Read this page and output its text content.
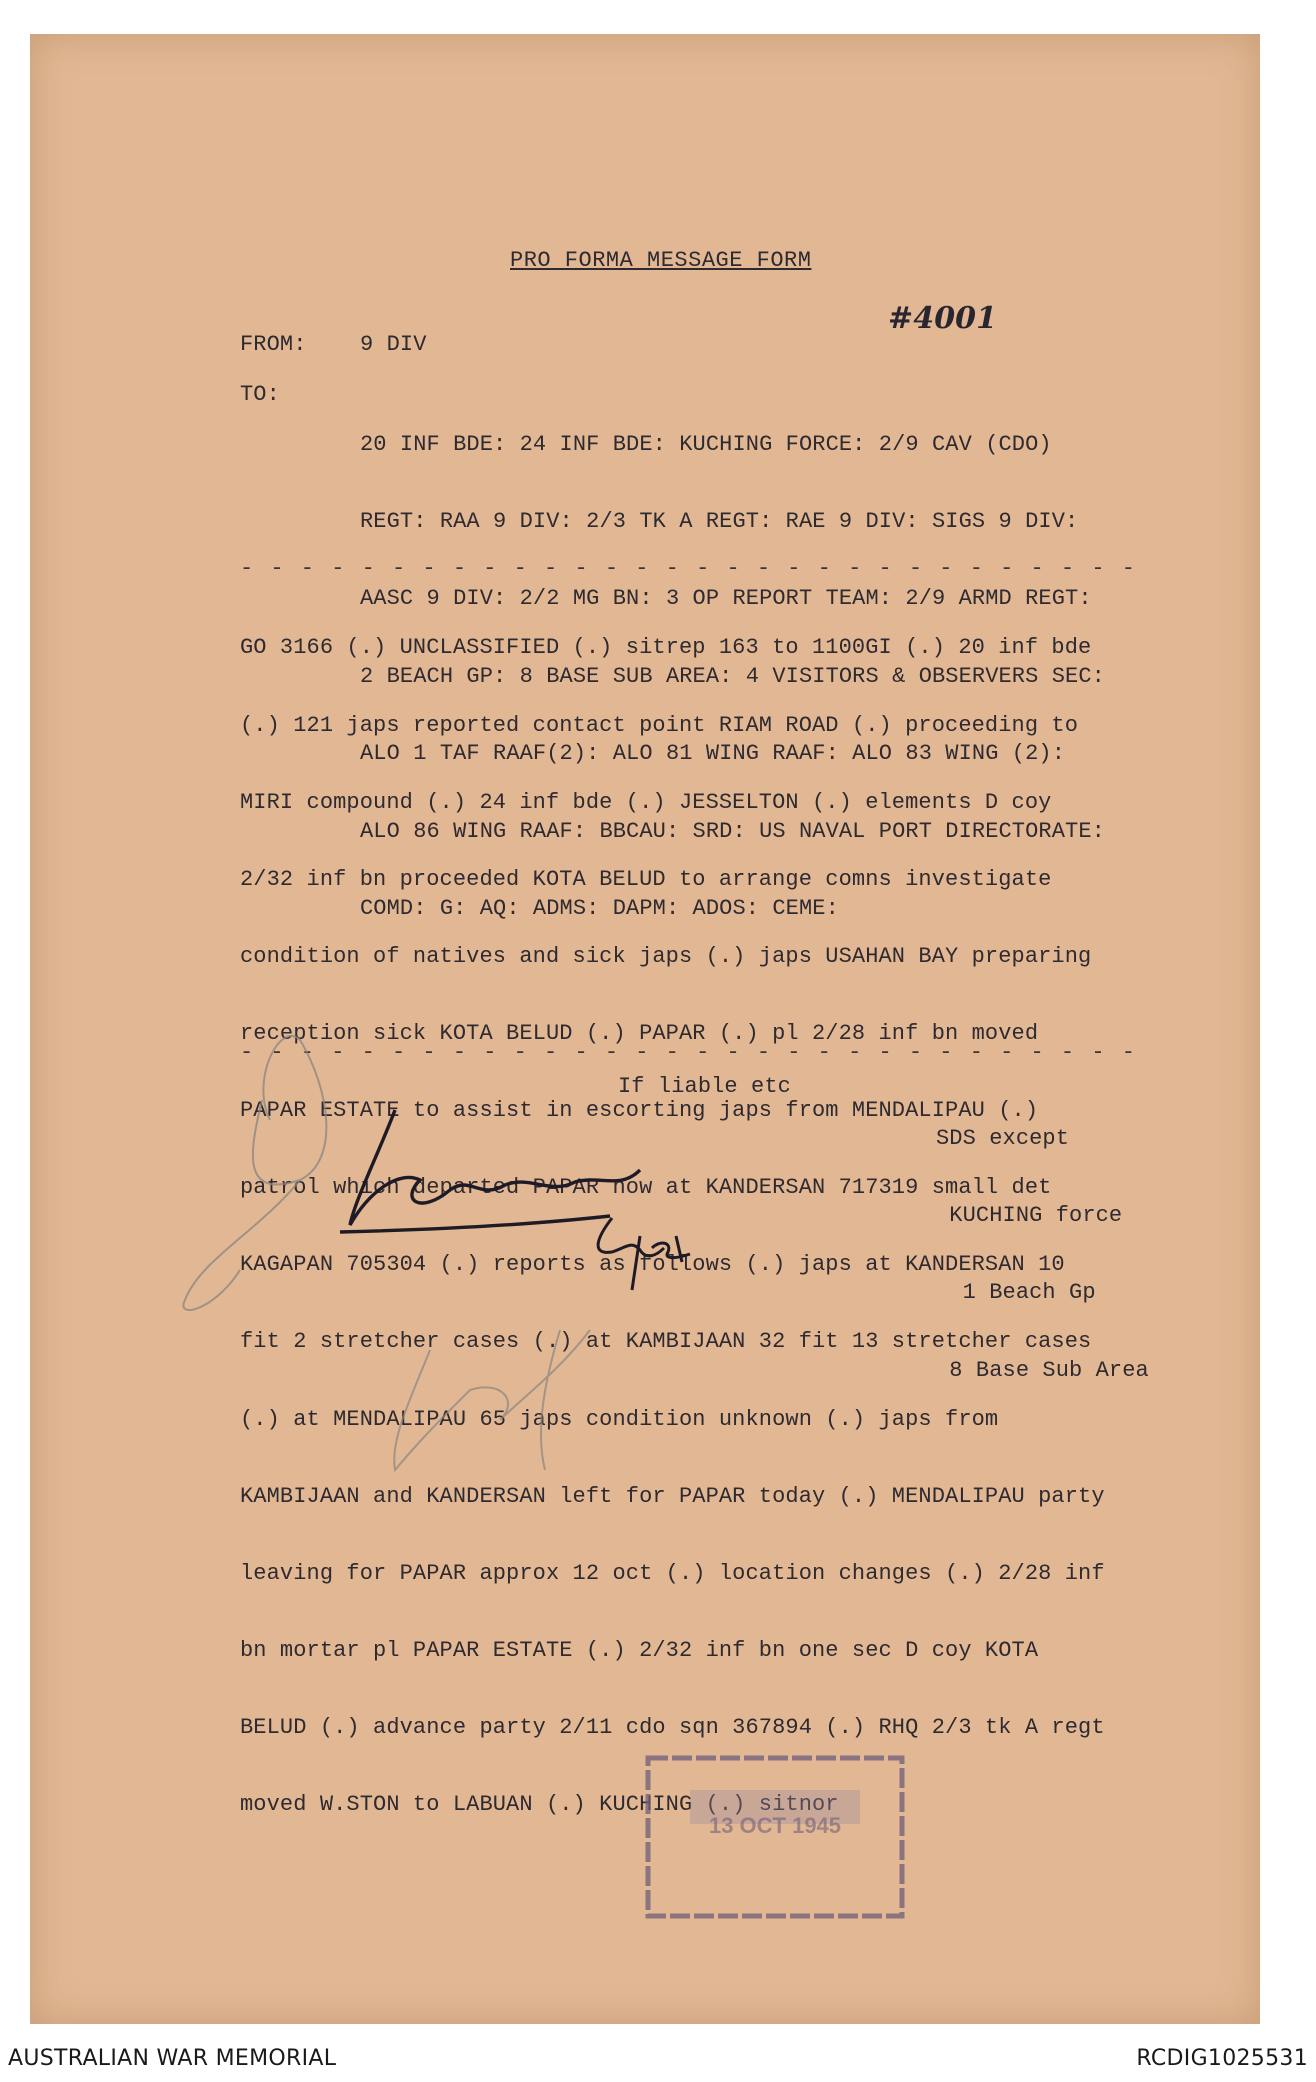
PRO FORMA MESSAGE FORM
#4001
FROM: 9 DIV
TO:

20 INF BDE: 24 INF BDE: KUCHING FORCE: 2/9 CAV (CDO)

REGT: RAA 9 DIV: 2/3 TK A REGT: RAE 9 DIV: SIGS 9 DIV:

AASC 9 DIV: 2/2 MG BN: 3 OP REPORT TEAM: 2/9 ARMD REGT:

2 BEACH GP: 8 BASE SUB AREA: 4 VISITORS & OBSERVERS SEC:

ALO 1 TAF RAAF(2): ALO 81 WING RAAF: ALO 83 WING (2):

ALO 86 WING RAAF: BBCAU: SRD: US NAVAL PORT DIRECTORATE:

COMD: G: AQ: ADMS: DAPM: ADOS: CEME:

- - - - - - - - - - - - - - - - - - - - - - - - - - - - - -

GO 3166 (.) UNCLASSIFIED (.) sitrep 163 to 1100GI (.) 20 inf bde

(.) 121 japs reported contact point RIAM ROAD (.) proceeding to

MIRI compound (.) 24 inf bde (.) JESSELTON (.) elements D coy

2/32 inf bn proceeded KOTA BELUD to arrange comns investigate

condition of natives and sick japs (.) japs USAHAN BAY preparing

reception sick KOTA BELUD (.) PAPAR (.) pl 2/28 inf bn moved

PAPAR ESTATE to assist in escorting japs from MENDALIPAU (.)

patrol which departed PAPAR now at KANDERSAN 717319 small det

KAGAPAN 705304 (.) reports as follows (.) japs at KANDERSAN 10

fit 2 stretcher cases (.) at KAMBIJAAN 32 fit 13 stretcher cases

(.) at MENDALIPAU 65 japs condition unknown (.) japs from

KAMBIJAAN and KANDERSAN left for PAPAR today (.) MENDALIPAU party

leaving for PAPAR approx 12 oct (.) location changes (.) 2/28 inf

bn mortar pl PAPAR ESTATE (.) 2/32 inf bn one sec D coy KOTA

BELUD (.) advance party 2/11 cdo sqn 367894 (.) RHQ 2/3 tk A regt

moved W.STON to LABUAN (.) KUCHING (.) sitnor

- - - - - - - - - - - - - - - - - - - - - - - - - - - - - -
If liable etc

SDS except

KUCHING force

1 Beach Gp

8 Base Sub Area

13 OCT 1945
AUSTRALIAN WAR MEMORIAL	RCDIG1025531
